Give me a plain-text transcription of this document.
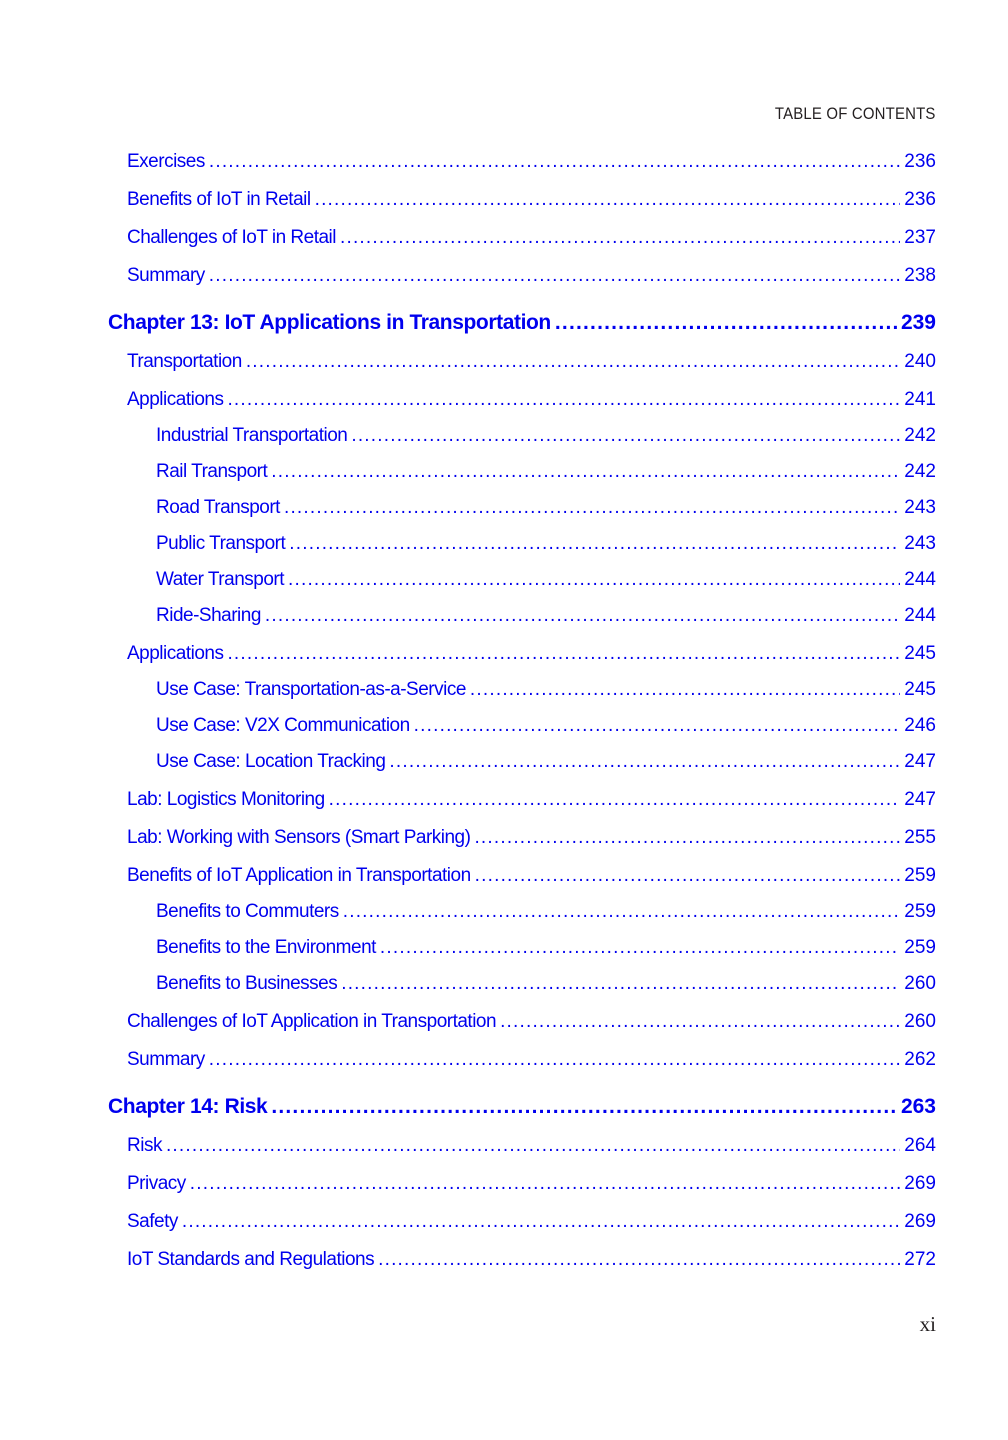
TABLE OF CONTENTS
Exercises .....	236
Benefits of IoT in Retail .....	236
Challenges of IoT in Retail .....	237
Summary .....	238
Chapter 13: IoT Applications in Transportation .....	239
Transportation .....	240
Applications .....	241
Industrial Transportation .....	242
Rail Transport .....	242
Road Transport .....	243
Public Transport .....	243
Water Transport .....	244
Ride-Sharing .....	244
Applications .....	245
Use Case: Transportation-as-a-Service .....	245
Use Case: V2X Communication .....	246
Use Case: Location Tracking .....	247
Lab: Logistics Monitoring .....	247
Lab: Working with Sensors (Smart Parking) .....	255
Benefits of IoT Application in Transportation .....	259
Benefits to Commuters .....	259
Benefits to the Environment .....	259
Benefits to Businesses .....	260
Challenges of IoT Application in Transportation .....	260
Summary .....	262
Chapter 14: Risk .....	263
Risk .....	264
Privacy .....	269
Safety .....	269
IoT Standards and Regulations .....	272
xi
